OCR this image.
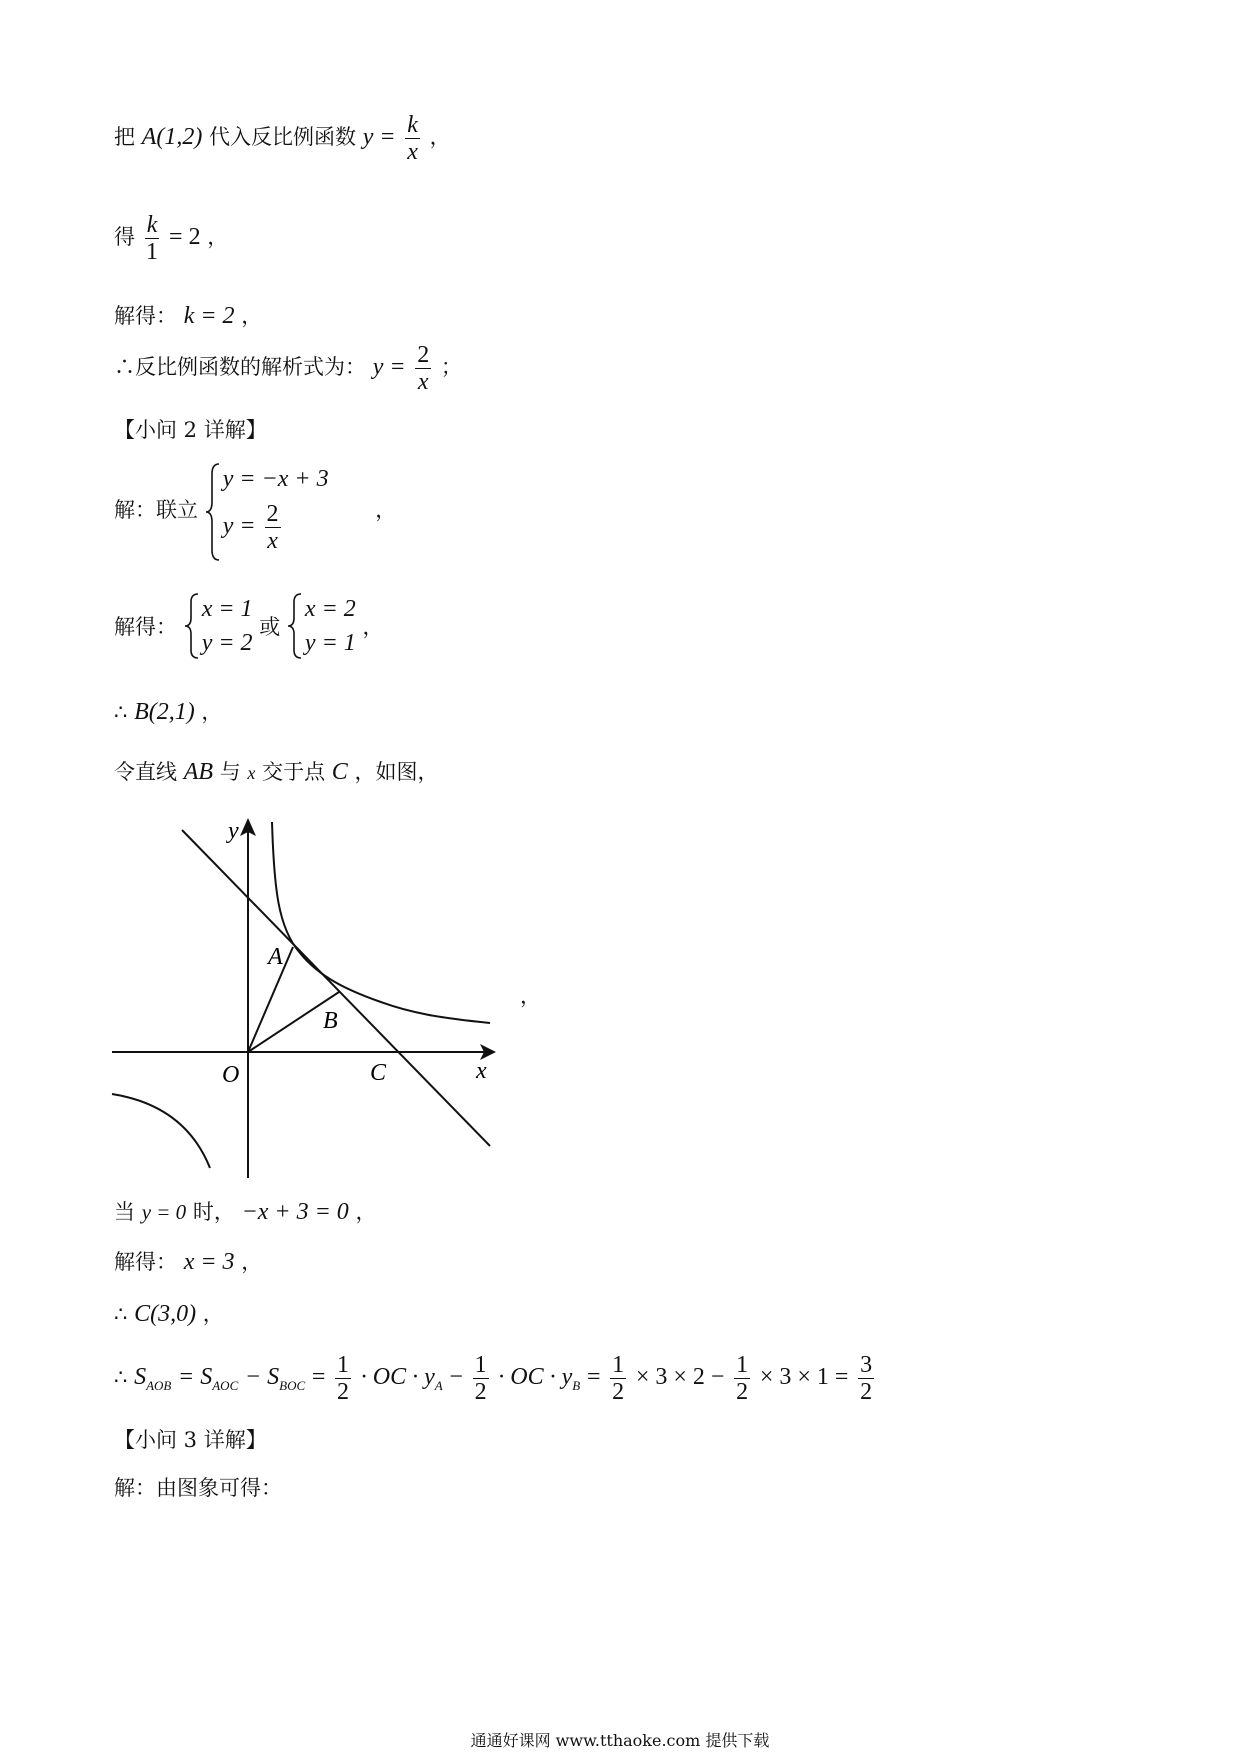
把 A(1,2) 代入反比例函数 $y = \frac{k}{x}$ ，
得 $\frac{k}{1} = 2$ ，
解得： k = 2 ，
∴反比例函数的解析式为： $y = \frac{2}{x}$ ；
【小问 2 详解】
解：联立
y = −x + 3
$y = \frac{2}{x}$	，
解得：
x = 1
y = 2
或
x = 2
y = 1
，
∴ B(2,1) ，
令直线 AB 与 x 交于点 C ，如图，
y
x
O
A
B
C
，
当 y = 0 时， −x + 3 = 0 ，
解得： x = 3 ，
∴ C(3,0) ，
∴ $S_{AOB} = S_{AOC} - S_{BOC} = \frac{1}{2}$ · OC · $y_A - \frac{1}{2}$ · OC · $y_B = \frac{1}{2} \times 3 \times 2 - \frac{1}{2} \times 3 \times 1 = \frac{3}{2}$
【小问 3 详解】
解：由图象可得：
通通好课网 www.tthaoke.com 提供下载
